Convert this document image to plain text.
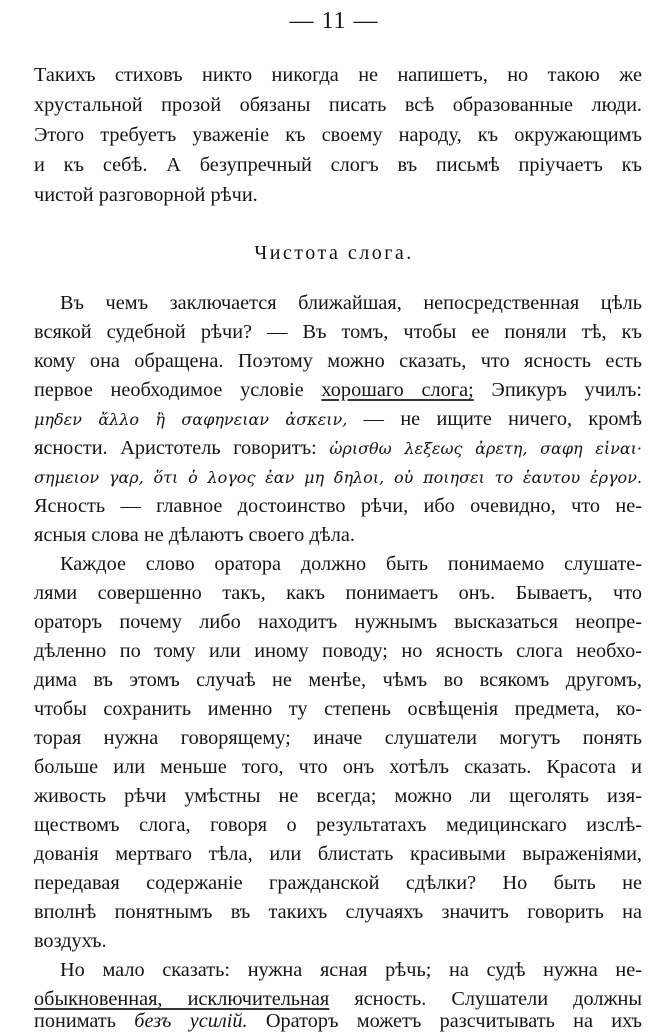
— 11 —
Такихъ стиховъ никто никогда не напишетъ, но такою же
хрустальной прозой обязаны писать всѣ образованные люди.
Этого требуетъ уваженіе къ своему народу, къ окружающимъ
и къ себѣ. А безупречный слогъ въ письмѣ пріучаетъ къ
чистой разговорной рѣчи.
Чистота слога.
Въ чемъ заключается ближайшая, непосредственная цѣль
всякой судебной рѣчи? — Въ томъ, чтобы ее поняли тѣ, къ
кому она обращена. Поэтому можно сказать, что ясность есть
первое необходимое условіе хорошаго слога; Эпикуръ училъ:
μηδεν ἄλλο ἢ σαφηνειαν ἀσκειν, — не ищите ничего, кромѣ
ясности. Аристотель говоритъ: ὡρισθω λεξεως ἀρετη, σαφη εἰναι·
σημειον γαρ, ὅτι ὁ λογος ἐαν μη δηλοι, οὐ ποιησει το ἑαυτου ἐργον.
Ясность — главное достоинство рѣчи, ибо очевидно, что не-
ясныя слова не дѣлаютъ своего дѣла.
Каждое слово оратора должно быть понимаемо слушате-
лями совершенно такъ, какъ понимаетъ онъ. Бываетъ, что
ораторъ почему либо находитъ нужнымъ высказаться неопре-
дѣленно по тому или иному поводу; но ясность слога необхо-
дима въ этомъ случаѣ не менѣе, чѣмъ во всякомъ другомъ,
чтобы сохранить именно ту степень освѣщенія предмета, ко-
торая нужна говорящему; иначе слушатели могутъ понять
больше или меньше того, что онъ хотѣлъ сказать. Красота и
живость рѣчи умѣстны не всегда; можно ли щеголять изя-
ществомъ слога, говоря о результатахъ медицинскаго изслѣ-
дованія мертваго тѣла, или блистать красивыми выраженіями,
передавая содержаніе гражданской сдѣлки? Но быть не
вполнѣ понятнымъ въ такихъ случаяхъ значитъ говорить на
воздухъ.
Но мало сказать: нужна ясная рѣчь; на судѣ нужна не-
обыкновенная, исключительная ясность. Слушатели должны
понимать безъ усилій. Ораторъ можетъ разсчитывать на ихъ
